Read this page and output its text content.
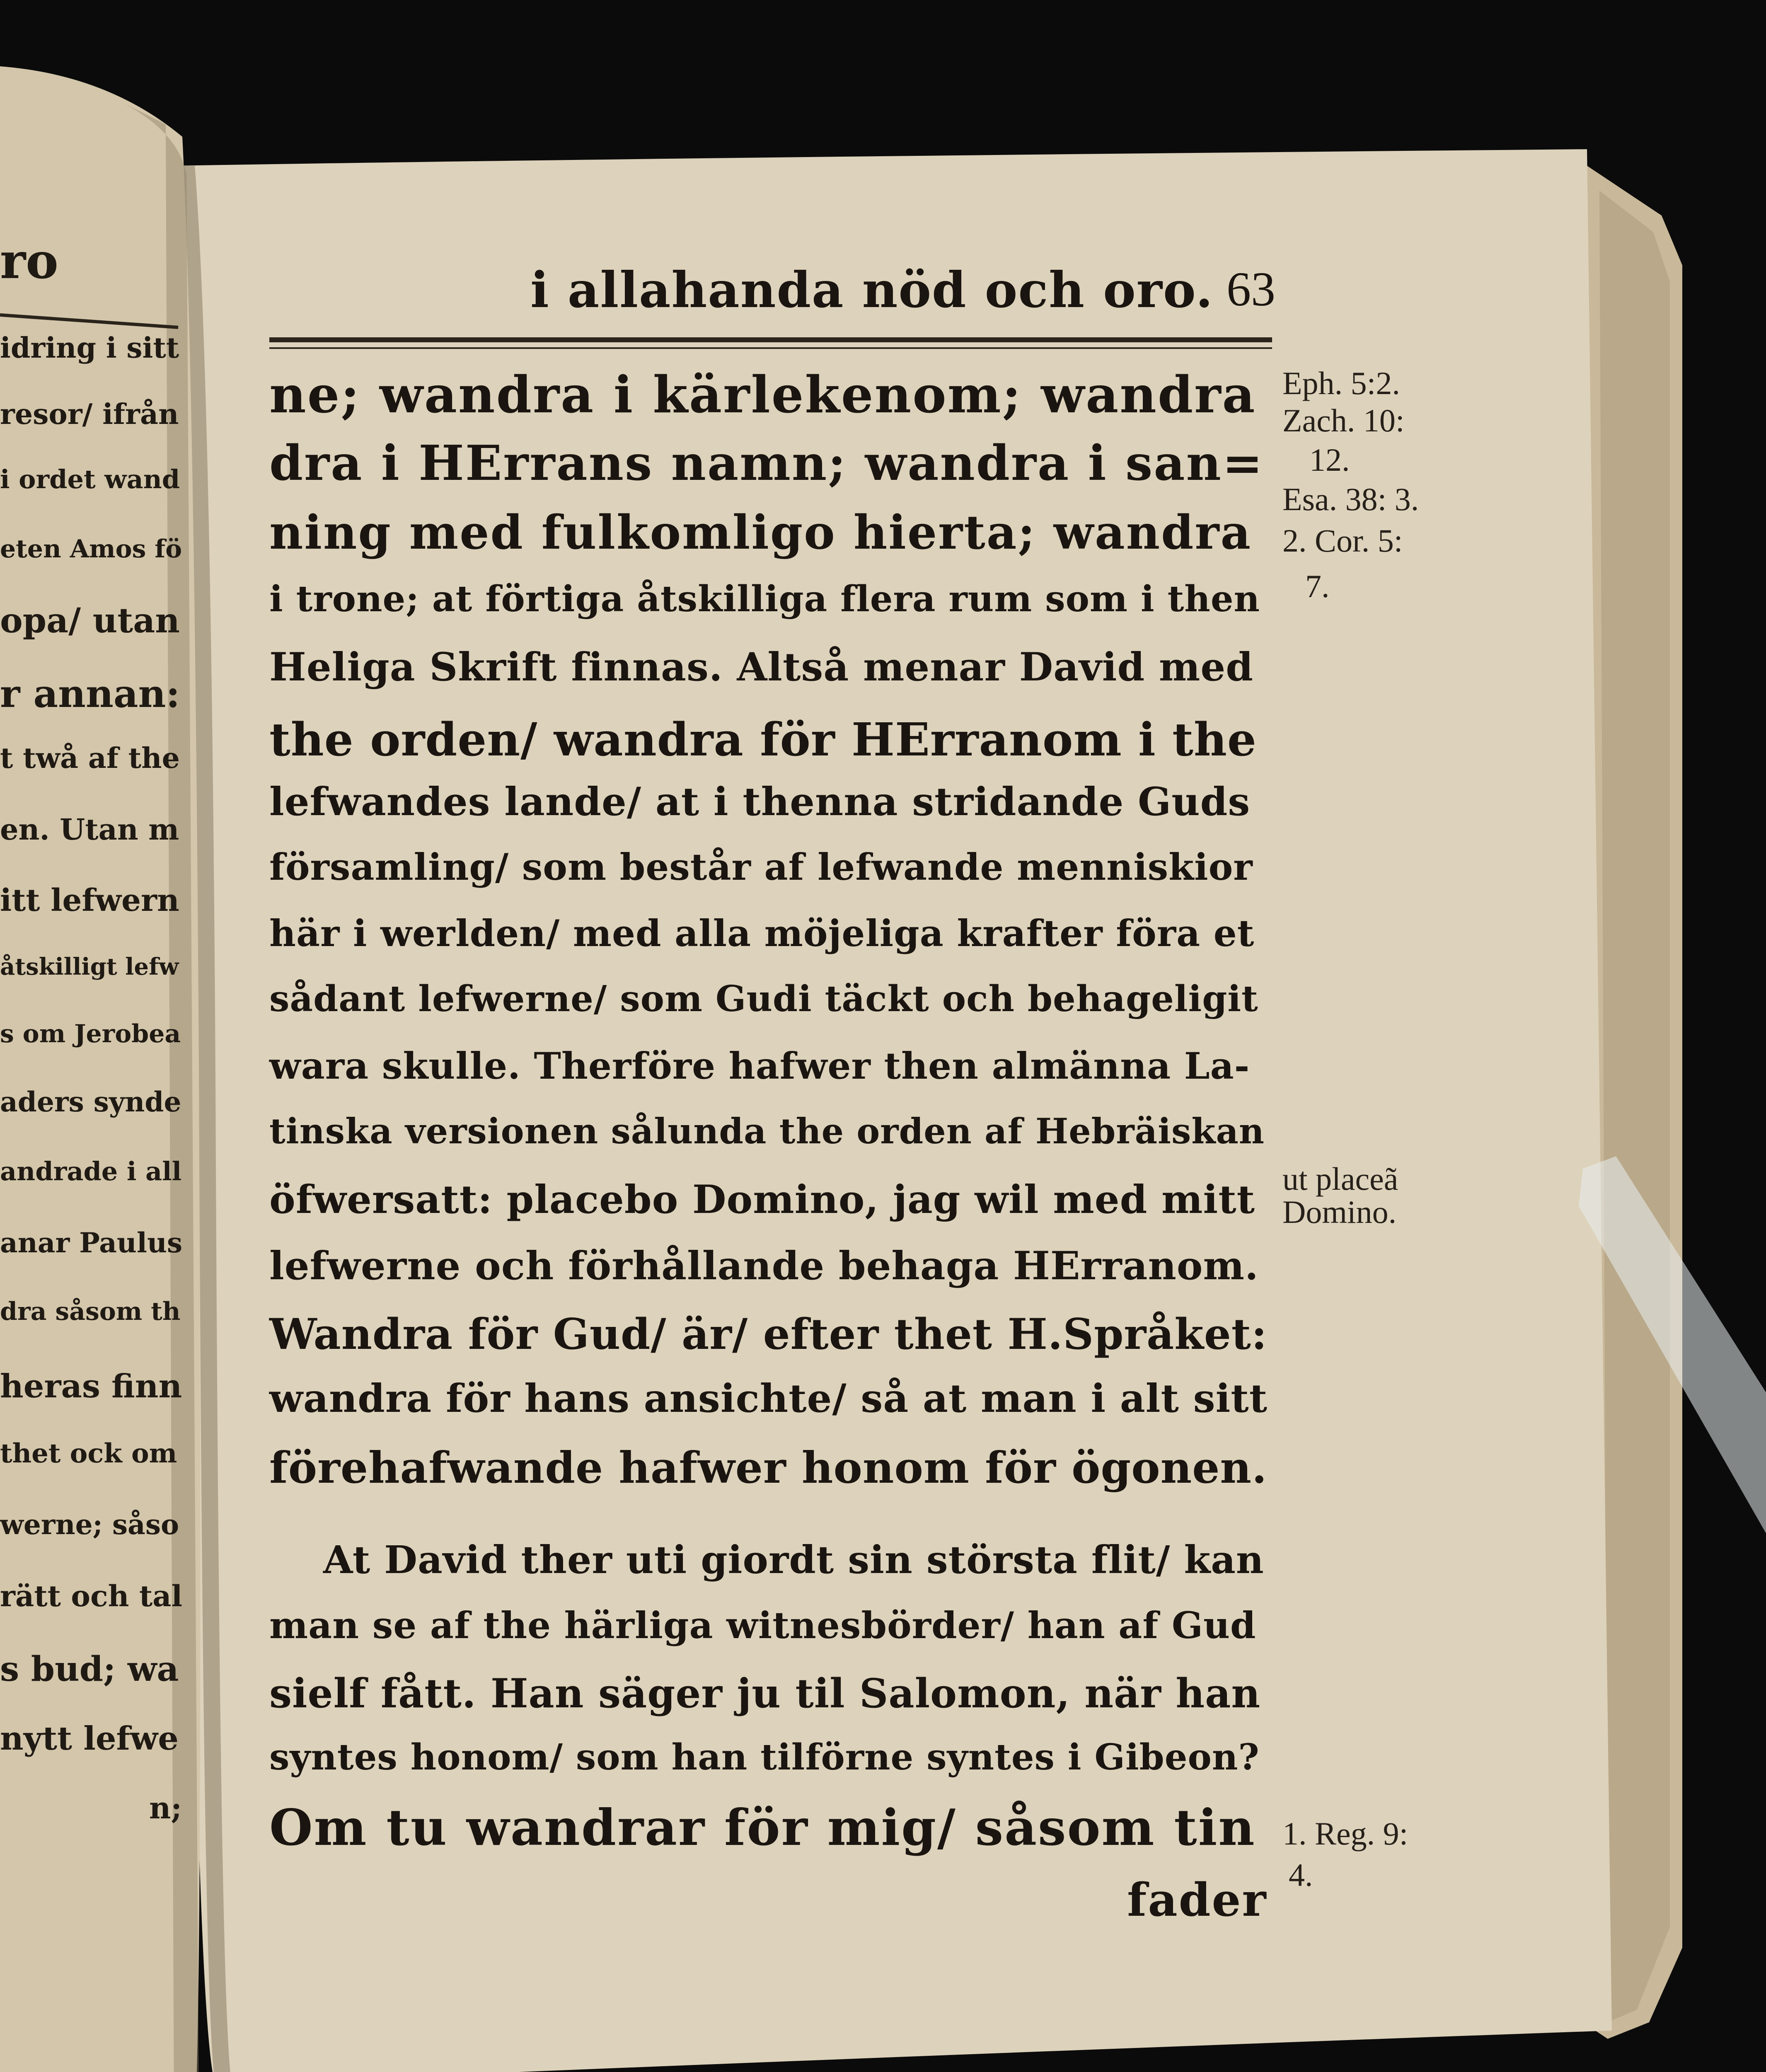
i allahanda nöd och oro. 63
ne; wandra i kärlekenom; wandra
dra i HErrans namn; wandra i san=
ning med fulkomligo hierta; wandra
i trone; at förtiga åtskilliga flera rum som i then
Heliga Skrift finnas. Altså menar David med
the orden/ wandra för HErranom i the
lefwandes lande/ at i thenna stridande Guds
församling/ som består af lefwande menniskior
här i werlden/ med alla möjeliga krafter föra et
sådant lefwerne/ som Gudi täckt och behageligit
wara skulle. Therföre hafwer then almänna La-
tinska versionen sålunda the orden af Hebräiskan
öfwersatt: placebo Domino, jag wil med mitt
lefwerne och förhållande behaga HErranom.
Wandra för Gud/ är/ efter thet H.Språket:
wandra för hans ansichte/ så at man i alt sitt
förehafwande hafwer honom för ögonen.
At David ther uti giordt sin största flit/ kan
man se af the härliga witnesbörder/ han af Gud
sielf fått. Han säger ju til Salomon, när han
syntes honom/ som han tilförne syntes i Gibeon?
Om tu wandrar för mig/ såsom tin
fader
Eph. 5:2.
Zach. 10:
12.
Esa. 38: 3.
2. Cor. 5:
7.
ut placeã
Domino.
1. Reg. 9:
4.
rо
idring i sitt
resor/ ifrån
i ordet wand
eten Amos fö
opa/ utan
r annan:
t twå af the
en. Utan m
itt lefwern
åtskilligt lefw
s om Jerobea
aders synde
andrade i all
anar Paulus
dra såsom th
heras finn
thet ock om
werne; såso
rätt och tal
s bud; wa
nytt lefwe
n;
